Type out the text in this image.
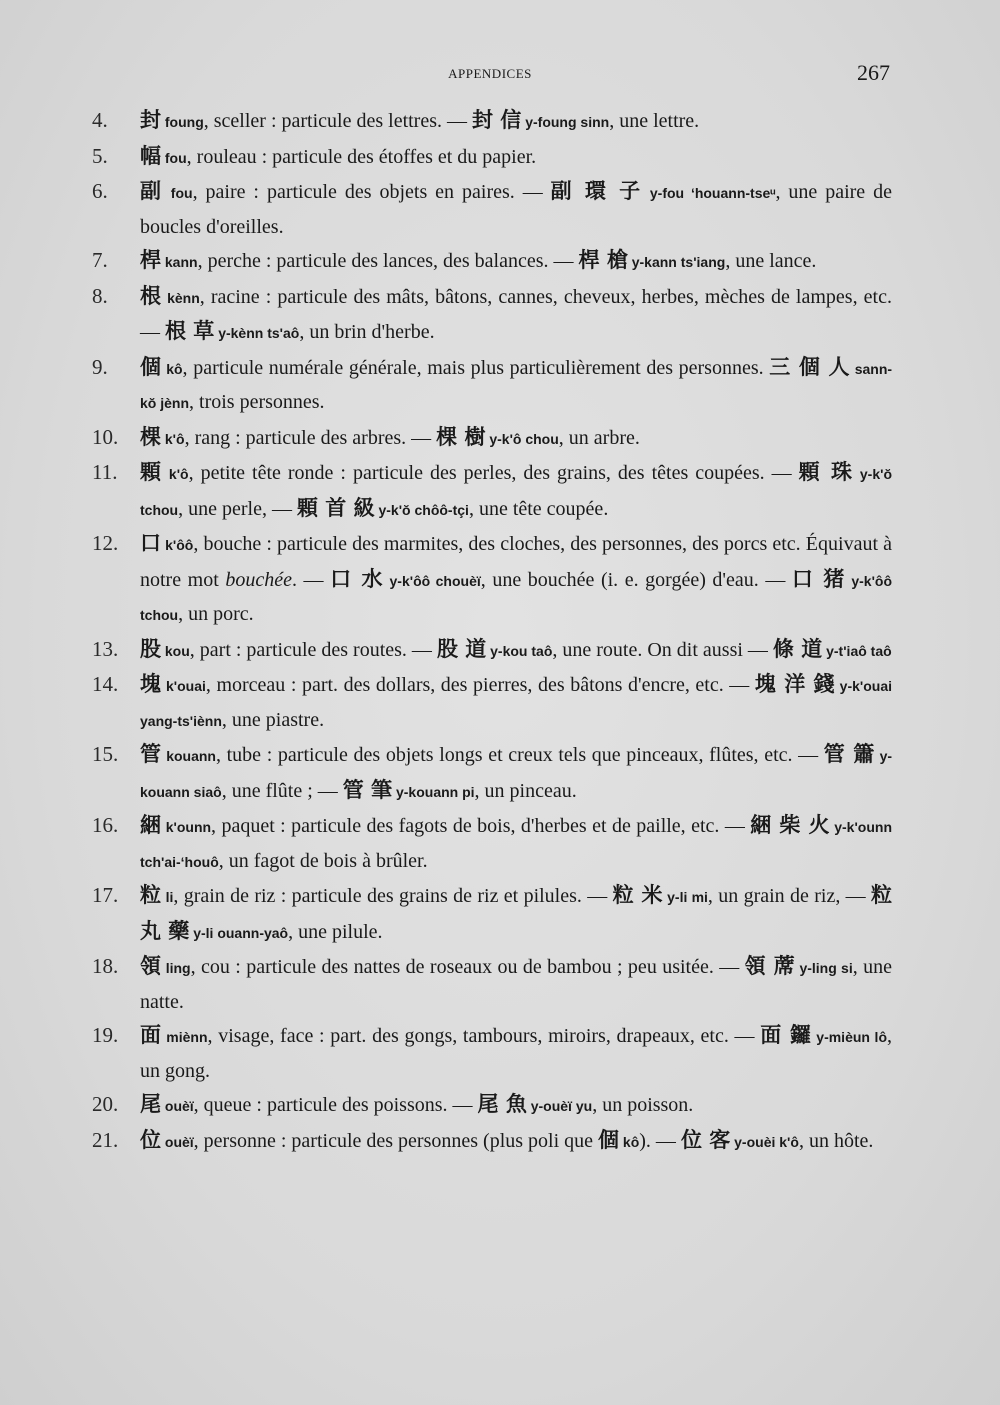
APPENDICES	267
4.	封 foung, sceller : particule des lettres. — 封 信 y-foung sinn, une lettre.
5.	幅 fou, rouleau : particule des étoffes et du papier.
6.	副 fou, paire : particule des objets en paires. — 副 環 子 y-fou ʻhouann-tseᵘ, une paire de boucles d'oreilles.
7.	桿 kann, perche : particule des lances, des balances. — 桿 槍 y-kann ts'iang, une lance.
8.	根 kènn, racine : particule des mâts, bâtons, cannes, cheveux, herbes, mèches de lampes, etc. — 根 草 y-kènn ts'aô, un brin d'herbe.
9.	個 kô, particule numérale générale, mais plus particulièrement des personnes. 三 個 人 sann-kŏ jènn, trois personnes.
10.	棵 k'ô, rang : particule des arbres. — 棵 樹 y-k'ô chou, un arbre.
11.	顆 k'ô, petite tête ronde : particule des perles, des grains, des têtes coupées. — 顆 珠 y-k'ŏ tchou, une perle, — 顆 首 級 y-k'ŏ chôô-tçi, une tête coupée.
12.	口 k'ôô, bouche : particule des marmites, des cloches, des personnes, des porcs etc. Équivaut à notre mot bouchée. — 口 水 y-k'ôô chouèï, une bouchée (i. e. gorgée) d'eau. — 口 猪 y-k'ôô tchou, un porc.
13.	股 kou, part : particule des routes. — 股 道 y-kou taô, une route. On dit aussi — 條 道 y-t'iaô taô
14.	塊 k'ouai, morceau : part. des dollars, des pierres, des bâtons d'encre, etc. — 塊 洋 錢 y-k'ouai yang-ts'iènn, une piastre.
15.	管 kouann, tube : particule des objets longs et creux tels que pinceaux, flûtes, etc. — 管 簫 y-kouann siaô, une flûte ; — 管 筆 y-kouann pi, un pinceau.
16.	綑 k'ounn, paquet : particule des fagots de bois, d'herbes et de paille, etc. — 綑 柴 火 y-k'ounn tch'ai-ʻhouô, un fagot de bois à brûler.
17.	粒 li, grain de riz : particule des grains de riz et pilules. — 粒 米 y-li mi, un grain de riz, — 粒 丸 藥 y-li ouann-yaô, une pilule.
18.	領 ling, cou : particule des nattes de roseaux ou de bambou ; peu usitée. — 領 蓆 y-ling si, une natte.
19.	面 miènn, visage, face : part. des gongs, tambours, miroirs, drapeaux, etc. — 面 鑼 y-mièun lô, un gong.
20.	尾 ouèï, queue : particule des poissons. — 尾 魚 y-ouèï yu, un poisson.
21.	位 ouèï, personne : particule des personnes (plus poli que 個 kô). — 位 客 y-ouèi k'ô, un hôte.
